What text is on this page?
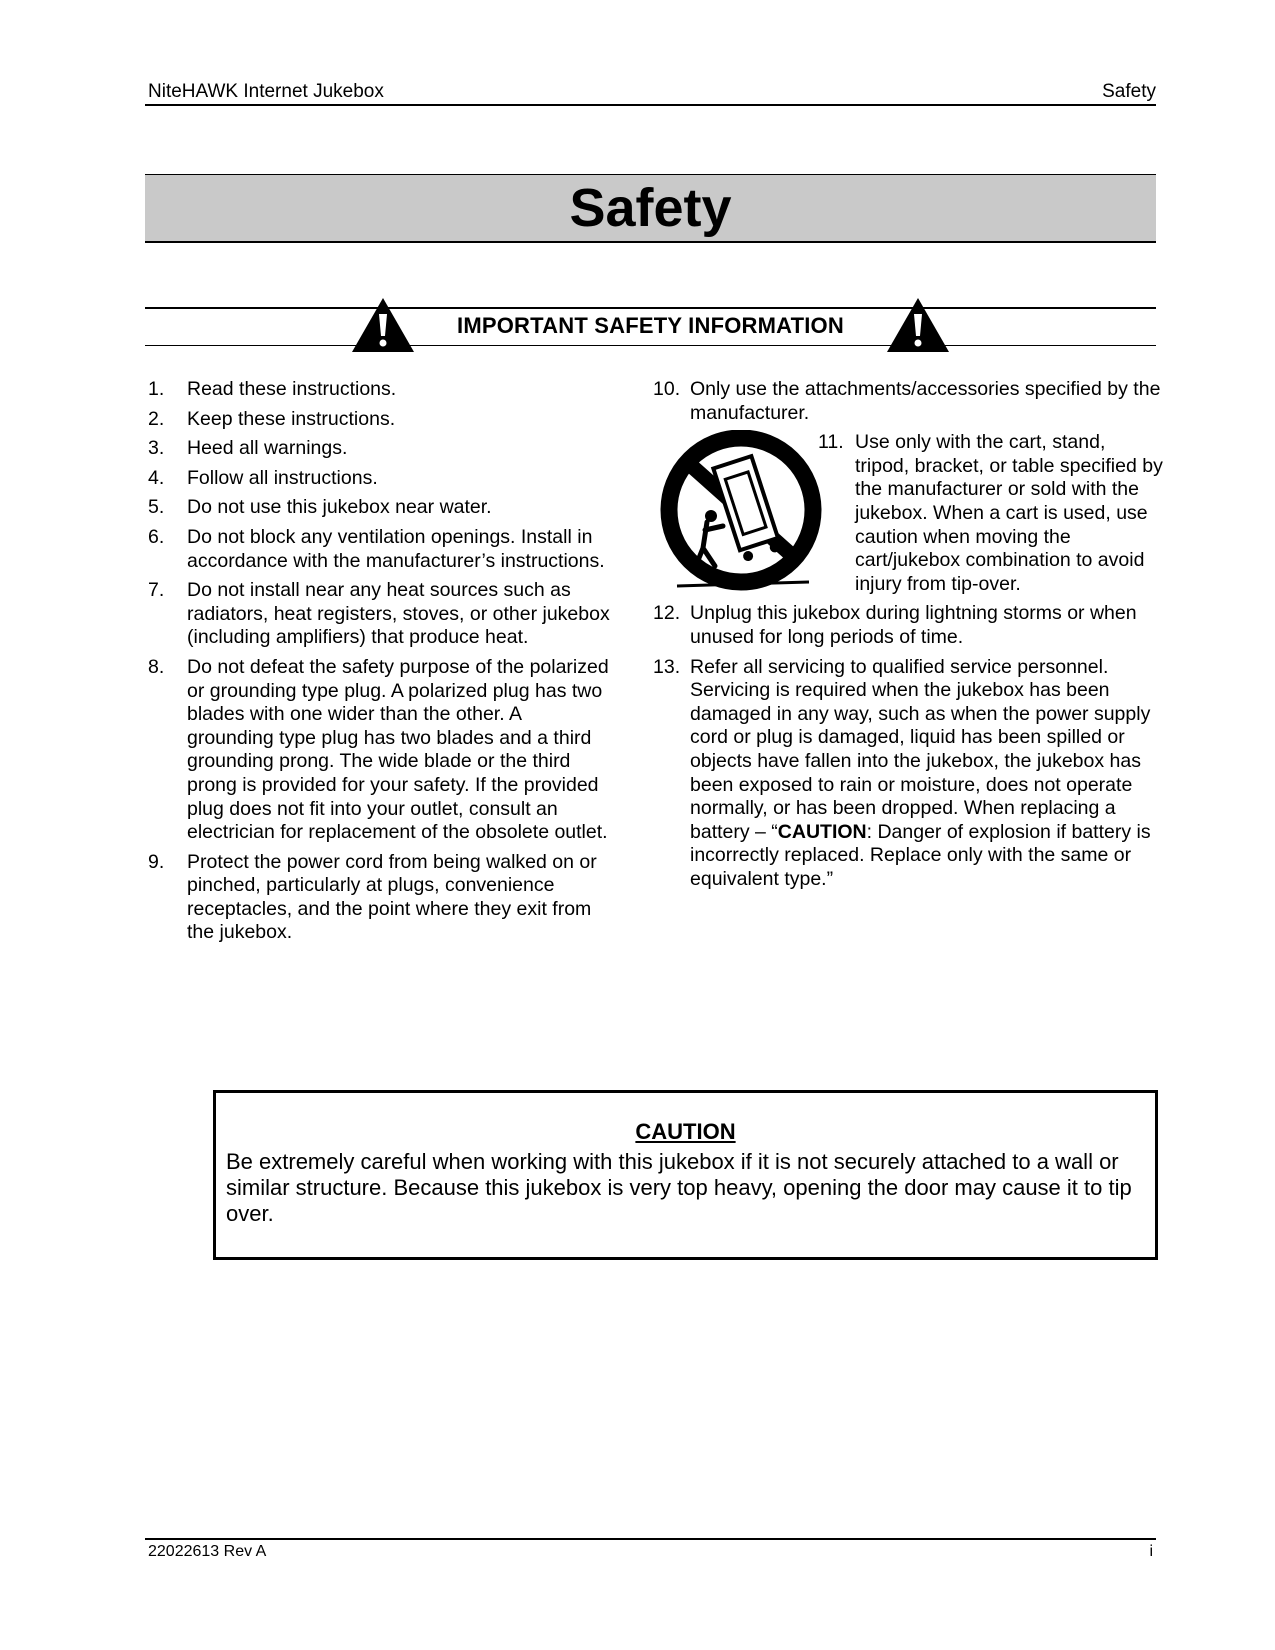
NiteHAWK Internet Jukebox	Safety
Safety
IMPORTANT SAFETY INFORMATION
1.	Read these instructions.
2.	Keep these instructions.
3.	Heed all warnings.
4.	Follow all instructions.
5.	Do not use this jukebox near water.
6.	Do not block any ventilation openings. Install in accordance with the manufacturer’s instructions.
7.	Do not install near any heat sources such as radiators, heat registers, stoves, or other jukebox (including amplifiers) that produce heat.
8.	Do not defeat the safety purpose of the polarized or grounding type plug. A polarized plug has two blades with one wider than the other. A grounding type plug has two blades and a third grounding prong. The wide blade or the third prong is provided for your safety. If the provided plug does not fit into your outlet, consult an electrician for replacement of the obsolete outlet.
9.	Protect the power cord from being walked on or pinched, particularly at plugs, convenience receptacles, and the point where they exit from the jukebox.
10. Only use the attachments/accessories specified by the manufacturer.
11. Use only with the cart, stand, tripod, bracket, or table specified by the manufacturer or sold with the jukebox. When a cart is used, use caution when moving the cart/jukebox combination to avoid injury from tip-over.
12. Unplug this jukebox during lightning storms or when unused for long periods of time.
13. Refer all servicing to qualified service personnel. Servicing is required when the jukebox has been damaged in any way, such as when the power supply cord or plug is damaged, liquid has been spilled or objects have fallen into the jukebox, the jukebox has been exposed to rain or moisture, does not operate normally, or has been dropped. When replacing a battery – “CAUTION: Danger of explosion if battery is incorrectly replaced. Replace only with the same or equivalent type.”
CAUTION
Be extremely careful when working with this jukebox if it is not securely attached to a wall or similar structure. Because this jukebox is very top heavy, opening the door may cause it to tip over.
22022613 Rev A	i
